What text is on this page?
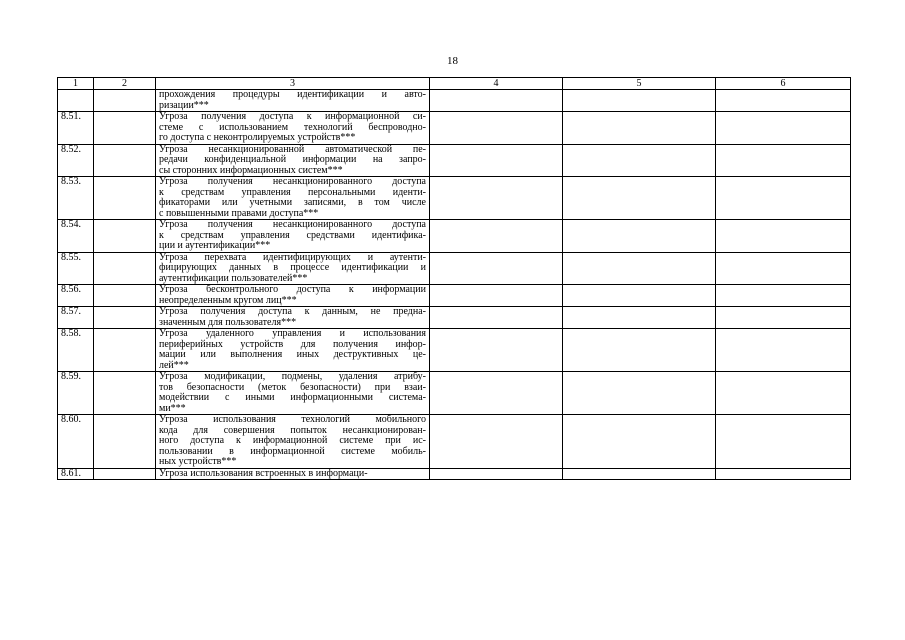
18
1	2	3	4	5	6

		прохождения процедуры идентификации и авто-
ризации***			

8.51.		Угроза получения доступа к информационной си-
стеме с использованием технологий беспроводно-
го доступа с неконтролируемых устройств***			

8.52.		Угроза несанкционированной автоматической пе-
редачи конфиденциальной информации на запро-
сы сторонних информационных систем***			

8.53.		Угроза получения несанкционированного доступа
к средствам управления персональными иденти-
фикаторами или учетными записями, в том числе
с повышенными правами доступа***			

8.54.		Угроза получения несанкционированного доступа
к средствам управления средствами идентифика-
ции и аутентификации***			

8.55.		Угроза перехвата идентифицирующих и аутенти-
фицирующих данных в процессе идентификации и
аутентификации пользователей***			

8.56.		Угроза бесконтрольного доступа к информации
неопределенным кругом лиц***			

8.57.		Угроза получения доступа к данным, не предна-
значенным для пользователя***			

8.58.		Угроза удаленного управления и использования
периферийных устройств для получения инфор-
мации или выполнения иных деструктивных це-
лей***			

8.59.		Угроза модификации, подмены, удаления атрибу-
тов безопасности (меток безопасности) при взаи-
модействии с иными информационными системa-
ми***			

8.60.		Угроза использования технологий мобильного
кода для совершения попыток несанкционирован-
ного доступа к информационной системе при ис-
пользовании в информационной системе мобиль-
ных устройств***			

8.61.		Угроза использования встроенных в информаци-			
